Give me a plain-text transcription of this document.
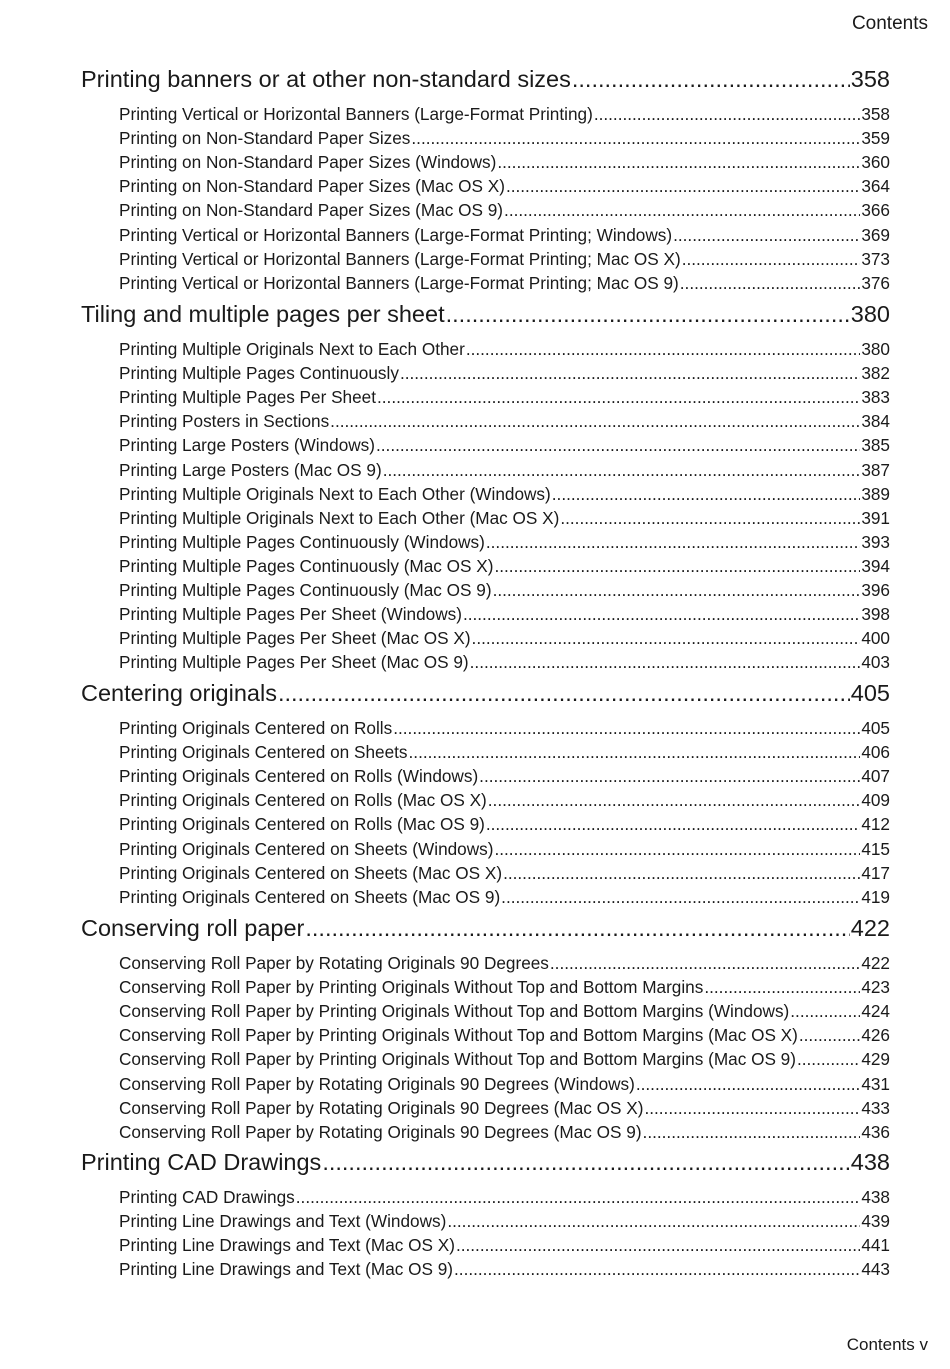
Contents
Printing banners or at other non-standard sizes .....	358
Printing Vertical or Horizontal Banners (Large-Format Printing) .....	358
Printing on Non-Standard Paper Sizes .....	359
Printing on Non-Standard Paper Sizes (Windows) .....	360
Printing on Non-Standard Paper Sizes (Mac OS X) .....	364
Printing on Non-Standard Paper Sizes (Mac OS 9) .....	366
Printing Vertical or Horizontal Banners (Large-Format Printing; Windows) .....	369
Printing Vertical or Horizontal Banners (Large-Format Printing; Mac OS X) .....	373
Printing Vertical or Horizontal Banners (Large-Format Printing; Mac OS 9) .....	376
Tiling and multiple pages per sheet .....	380
Printing Multiple Originals Next to Each Other .....	380
Printing Multiple Pages Continuously .....	382
Printing Multiple Pages Per Sheet .....	383
Printing Posters in Sections .....	384
Printing Large Posters (Windows) .....	385
Printing Large Posters (Mac OS 9) .....	387
Printing Multiple Originals Next to Each Other (Windows) .....	389
Printing Multiple Originals Next to Each Other (Mac OS X) .....	391
Printing Multiple Pages Continuously (Windows) .....	393
Printing Multiple Pages Continuously (Mac OS X) .....	394
Printing Multiple Pages Continuously (Mac OS 9) .....	396
Printing Multiple Pages Per Sheet (Windows) .....	398
Printing Multiple Pages Per Sheet (Mac OS X) .....	400
Printing Multiple Pages Per Sheet (Mac OS 9) .....	403
Centering originals .....	405
Printing Originals Centered on Rolls .....	405
Printing Originals Centered on Sheets .....	406
Printing Originals Centered on Rolls (Windows) .....	407
Printing Originals Centered on Rolls (Mac OS X) .....	409
Printing Originals Centered on Rolls (Mac OS 9) .....	412
Printing Originals Centered on Sheets (Windows) .....	415
Printing Originals Centered on Sheets (Mac OS X) .....	417
Printing Originals Centered on Sheets (Mac OS 9) .....	419
Conserving roll paper .....	422
Conserving Roll Paper by Rotating Originals 90 Degrees .....	422
Conserving Roll Paper by Printing Originals Without Top and Bottom Margins .....	423
Conserving Roll Paper by Printing Originals Without Top and Bottom Margins (Windows) .....	424
Conserving Roll Paper by Printing Originals Without Top and Bottom Margins (Mac OS X) .....	426
Conserving Roll Paper by Printing Originals Without Top and Bottom Margins (Mac OS 9) .....	429
Conserving Roll Paper by Rotating Originals 90 Degrees (Windows) .....	431
Conserving Roll Paper by Rotating Originals 90 Degrees (Mac OS X) .....	433
Conserving Roll Paper by Rotating Originals 90 Degrees (Mac OS 9) .....	436
Printing CAD Drawings .....	438
Printing CAD Drawings .....	438
Printing Line Drawings and Text (Windows) .....	439
Printing Line Drawings and Text (Mac OS X) .....	441
Printing Line Drawings and Text (Mac OS 9) .....	443
Contents v
